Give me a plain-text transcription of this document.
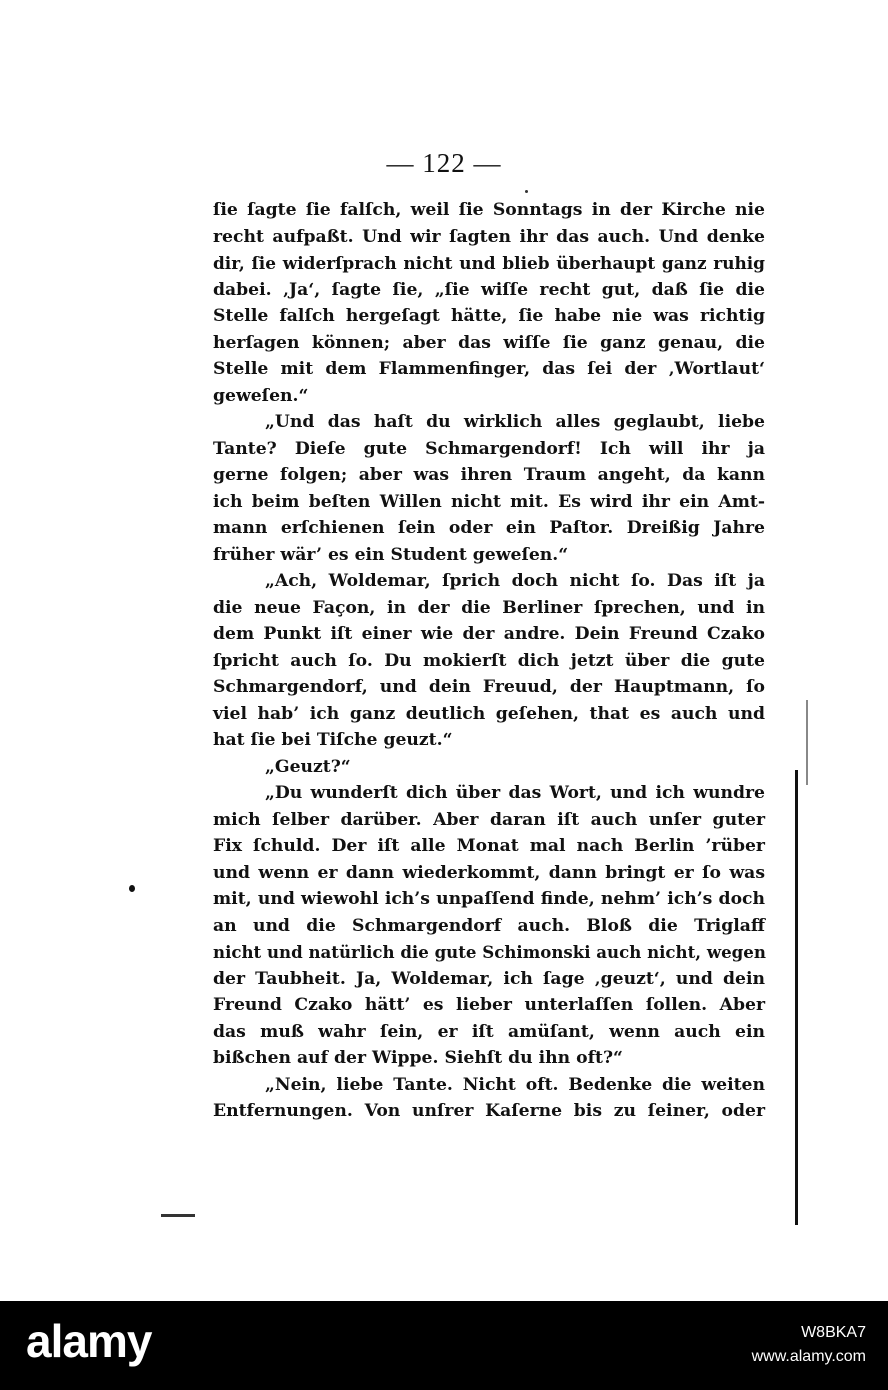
— 122 —
ſie ſagte ſie falſch, weil ſie Sonntags in der Kirche nie
recht aufpaßt. Und wir ſagten ihr das auch. Und denke
dir, ſie widerſprach nicht und blieb überhaupt ganz ruhig
dabei. ‚Ja‘, ſagte ſie, „ſie wiſſe recht gut, daß ſie die
Stelle falſch hergeſagt hätte, ſie habe nie was richtig
herſagen können; aber das wiſſe ſie ganz genau, die
Stelle mit dem Flammenfinger, das ſei der ‚Wortlaut‘
geweſen.“
„Und das haſt du wirklich alles geglaubt, liebe
Tante? Dieſe gute Schmargendorf! Ich will ihr ja
gerne folgen; aber was ihren Traum angeht, da kann
ich beim beſten Willen nicht mit. Es wird ihr ein Amt-
mann erſchienen ſein oder ein Paſtor. Dreißig Jahre
früher wär’ es ein Student geweſen.“
„Ach, Woldemar, ſprich doch nicht ſo. Das iſt ja
die neue Façon, in der die Berliner ſprechen, und in
dem Punkt iſt einer wie der andre. Dein Freund Czako
ſpricht auch ſo. Du mokierſt dich jetzt über die gute
Schmargendorf, und dein Freuud, der Hauptmann, ſo
viel hab’ ich ganz deutlich geſehen, that es auch und
hat ſie bei Tiſche geuzt.“
„Geuzt?“
„Du wunderſt dich über das Wort, und ich wundre
mich ſelber darüber. Aber daran iſt auch unſer guter
Fix ſchuld. Der iſt alle Monat mal nach Berlin ’rüber
und wenn er dann wiederkommt, dann bringt er ſo was
mit, und wiewohl ich’s unpaſſend finde, nehm’ ich’s doch
an und die Schmargendorf auch. Bloß die Triglaff
nicht und natürlich die gute Schimonski auch nicht, wegen
der Taubheit. Ja, Woldemar, ich ſage ‚geuzt‘, und dein
Freund Czako hätt’ es lieber unterlaſſen ſollen. Aber
das muß wahr ſein, er iſt amüſant, wenn auch ein
bißchen auf der Wippe. Siehſt du ihn oft?“
„Nein, liebe Tante. Nicht oft. Bedenke die weiten
Entfernungen. Von unſrer Kaſerne bis zu ſeiner, oder
alamy	W8BKA7
www.alamy.com
